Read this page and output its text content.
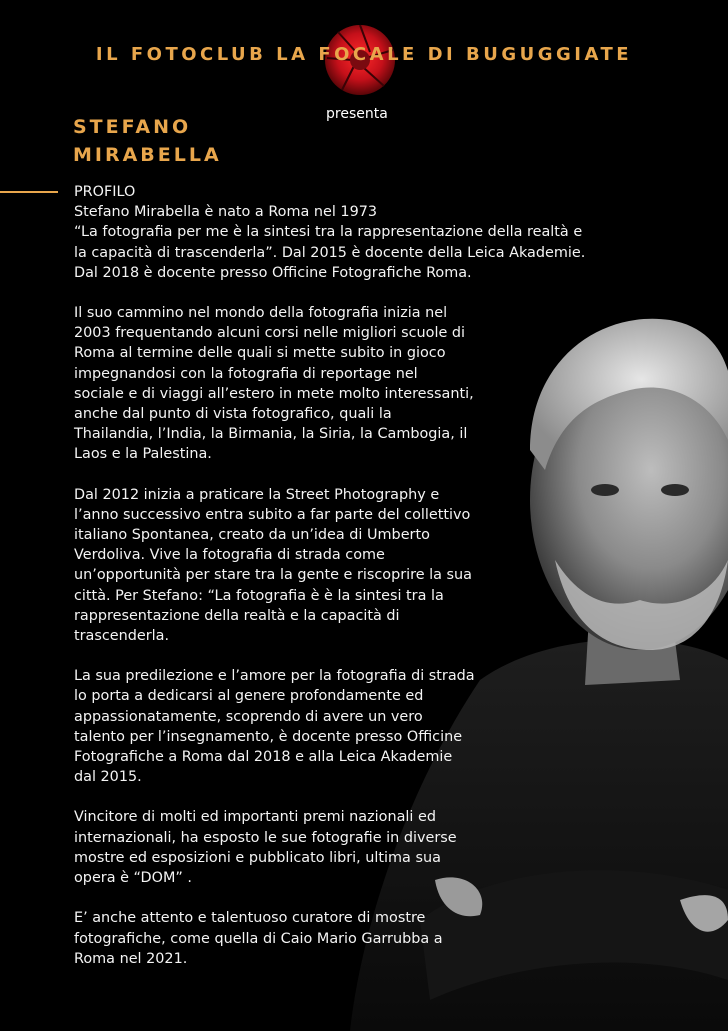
IL FOTOCLUB LA FOCALE DI BUGUGGIATE
presenta
STEFANO
MIRABELLA

PROFILO

Stefano Mirabella è nato a Roma nel 1973

“La fotografia per me è la sintesi tra la rappresentazione della realtà e

la capacità di trascenderla”. Dal 2015 è docente della Leica Akademie.

Dal 2018 è docente presso Officine Fotografiche Roma.

Il suo cammino nel mondo della fotografia inizia nel

2003 frequentando alcuni corsi nelle migliori scuole di

Roma al termine delle quali si mette subito in gioco

impegnandosi con la fotografia di reportage nel

sociale e di viaggi all’estero in mete molto interessanti,

anche dal punto di vista fotografico, quali la

Thailandia, l’India, la Birmania, la Siria, la Cambogia, il

Laos e la Palestina.

Dal 2012 inizia a praticare la Street Photography e

l’anno successivo entra subito a far parte del collettivo

italiano Spontanea, creato da un’idea di Umberto

Verdoliva. Vive la fotografia di strada come

un’opportunità per stare tra la gente e riscoprire la sua

città. Per Stefano: “La fotografia è è la sintesi tra la

rappresentazione della realtà e la capacità di

trascenderla.

La sua predilezione e l’amore per la fotografia di strada

lo porta a dedicarsi al genere profondamente ed

appassionatamente, scoprendo di avere un vero

talento per l’insegnamento, è docente presso Officine

Fotografiche a Roma dal 2018 e alla Leica Akademie

dal 2015.

Vincitore di molti ed importanti premi nazionali ed

internazionali, ha esposto le sue fotografie in diverse

mostre ed esposizioni e pubblicato libri, ultima sua

opera è “DOM” .

E’ anche attento e talentuoso curatore di mostre

fotografiche, come quella di Caio Mario Garrubba a

Roma nel 2021.
